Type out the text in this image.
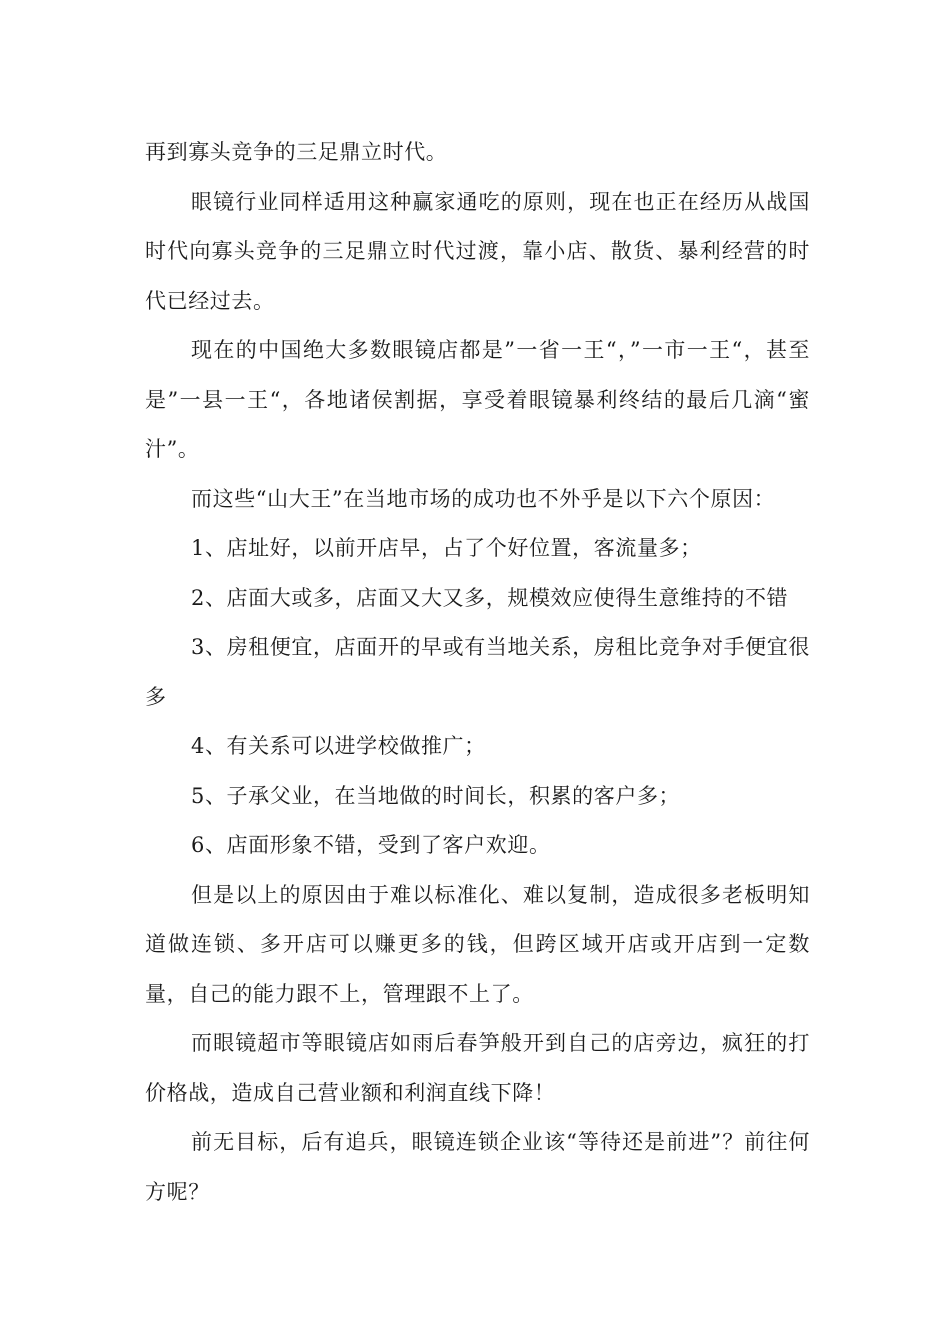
再到寡头竞争的三足鼎立时代。

眼镜行业同样适用这种赢家通吃的原则，现在也正在经历从战国时代向寡头竞争的三足鼎立时代过渡，靠小店、散货、暴利经营的时代已经过去。

现在的中国绝大多数眼镜店都是”一省一王“，”一市一王“，甚至是”一县一王“，各地诸侯割据，享受着眼镜暴利终结的最后几滴“蜜汁”。

而这些“山大王”在当地市场的成功也不外乎是以下六个原因：

1、店址好，以前开店早，占了个好位置，客流量多；

2、店面大或多，店面又大又多，规模效应使得生意维持的不错

3、房租便宜，店面开的早或有当地关系，房租比竞争对手便宜很多

4、有关系可以进学校做推广；

5、子承父业，在当地做的时间长，积累的客户多；

6、店面形象不错，受到了客户欢迎。

但是以上的原因由于难以标准化、难以复制，造成很多老板明知道做连锁、多开店可以赚更多的钱，但跨区域开店或开店到一定数量，自己的能力跟不上，管理跟不上了。

而眼镜超市等眼镜店如雨后春笋般开到自己的店旁边，疯狂的打价格战，造成自己营业额和利润直线下降！

前无目标，后有追兵，眼镜连锁企业该“等待还是前进”？前往何方呢？
